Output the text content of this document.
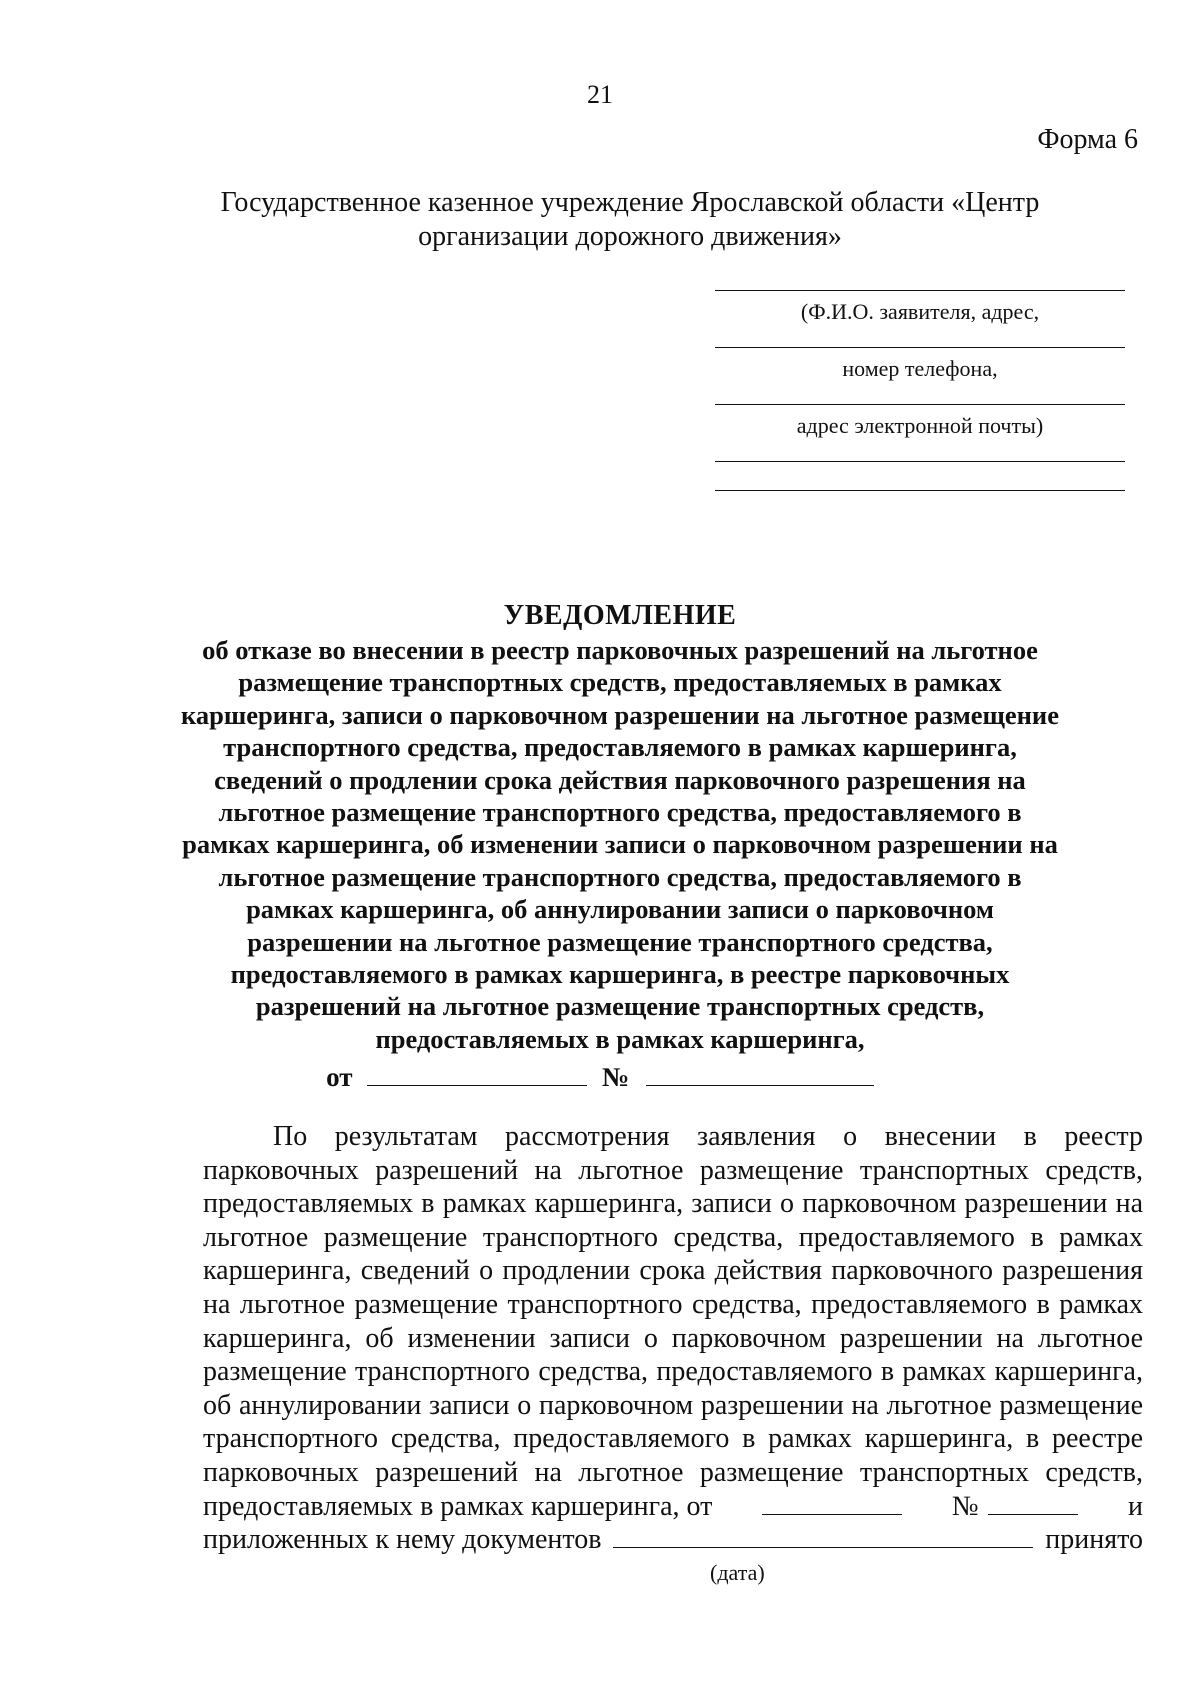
21
Форма 6
Государственное казенное учреждение Ярославской области «Центр
организации дорожного движения»
(Ф.И.О. заявителя, адрес,
номер телефона,
адрес электронной почты)
УВЕДОМЛЕНИЕ
об отказе во внесении в реестр парковочных разрешений на льготное
размещение транспортных средств, предоставляемых в рамках
каршеринга, записи о парковочном разрешении на льготное размещение
транспортного средства, предоставляемого в рамках каршеринга,
сведений о продлении срока действия парковочного разрешения на
льготное размещение транспортного средства, предоставляемого в
рамках каршеринга, об изменении записи о парковочном разрешении на
льготное размещение транспортного средства, предоставляемого в
рамках каршеринга, об аннулировании записи о парковочном
разрешении на льготное размещение транспортного средства,
предоставляемого в рамках каршеринга, в реестре парковочных
разрешений на льготное размещение транспортных средств,
предоставляемых в рамках каршеринга,
от	№
По результатам рассмотрения заявления о внесении в реестр
парковочных разрешений на льготное размещение транспортных средств,
предоставляемых в рамках каршеринга, записи о парковочном разрешении на
льготное размещение транспортного средства, предоставляемого в рамках
каршеринга, сведений о продлении срока действия парковочного разрешения
на льготное размещение транспортного средства, предоставляемого в рамках
каршеринга, об изменении записи о парковочном разрешении на льготное
размещение транспортного средства, предоставляемого в рамках каршеринга,
об аннулировании записи о парковочном разрешении на льготное размещение
транспортного средства, предоставляемого в рамках каршеринга, в реестре
парковочных разрешений на льготное размещение транспортных средств,
предоставляемых в рамках каршеринга, от	№	и
приложенных к нему документов	принято
(дата)
